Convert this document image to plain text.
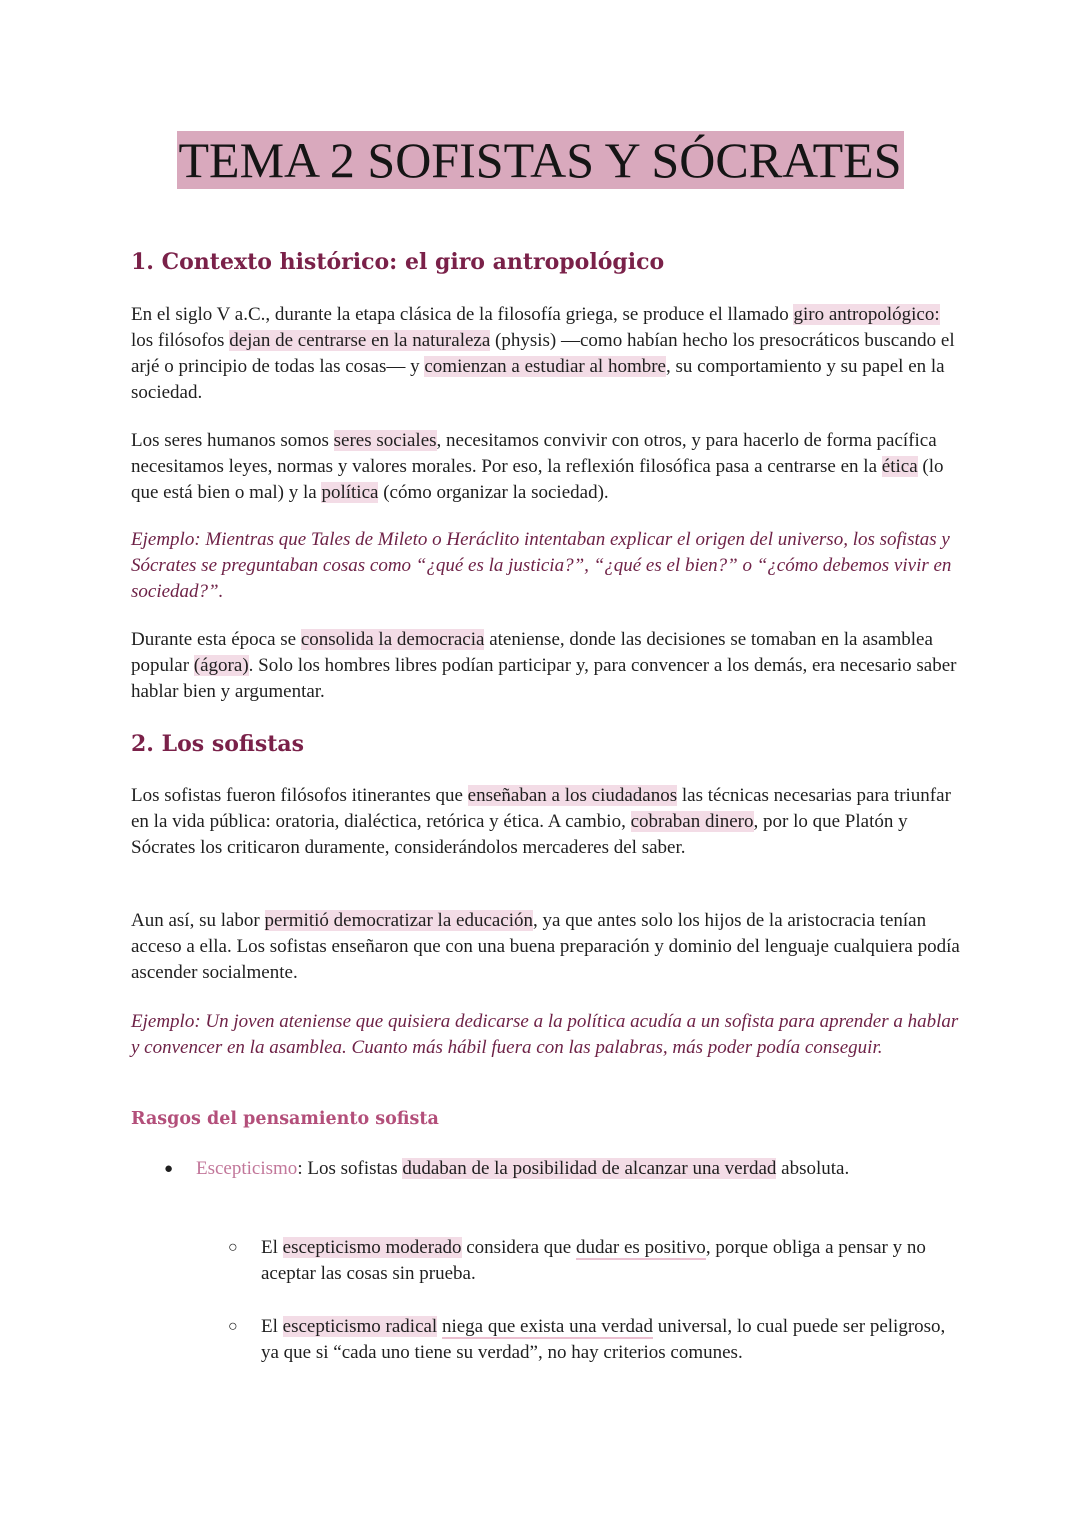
TEMA 2 SOFISTAS Y SÓCRATES
1. Contexto histórico: el giro antropológico

En el siglo V a.C., durante la etapa clásica de la filosofía griega, se produce el llamado giro antropológico: los filósofos dejan de centrarse en la naturaleza (physis) —como habían hecho los presocráticos buscando el arjé o principio de todas las cosas— y comienzan a estudiar al hombre, su comportamiento y su papel en la sociedad.

Los seres humanos somos seres sociales, necesitamos convivir con otros, y para hacerlo de forma pacífica necesitamos leyes, normas y valores morales. Por eso, la reflexión filosófica pasa a centrarse en la ética (lo que está bien o mal) y la política (cómo organizar la sociedad).

Ejemplo: Mientras que Tales de Mileto o Heráclito intentaban explicar el origen del universo, los sofistas y Sócrates se preguntaban cosas como “¿qué es la justicia?”, “¿qué es el bien?” o “¿cómo debemos vivir en sociedad?”.

Durante esta época se consolida la democracia ateniense, donde las decisiones se tomaban en la asamblea popular (ágora). Solo los hombres libres podían participar y, para convencer a los demás, era necesario saber hablar bien y argumentar.

2. Los sofistas

Los sofistas fueron filósofos itinerantes que enseñaban a los ciudadanos las técnicas necesarias para triunfar en la vida pública: oratoria, dialéctica, retórica y ética. A cambio, cobraban dinero, por lo que Platón y Sócrates los criticaron duramente, considerándolos mercaderes del saber.

Aun así, su labor permitió democratizar la educación, ya que antes solo los hijos de la aristocracia tenían acceso a ella. Los sofistas enseñaron que con una buena preparación y dominio del lenguaje cualquiera podía ascender socialmente.

Ejemplo: Un joven ateniense que quisiera dedicarse a la política acudía a un sofista para aprender a hablar y convencer en la asamblea. Cuanto más hábil fuera con las palabras, más poder podía conseguir.

Rasgos del pensamiento sofista
● Escepticismo: Los sofistas dudaban de la posibilidad de alcanzar una verdad absoluta.
○ El escepticismo moderado considera que dudar es positivo, porque obliga a pensar y no aceptar las cosas sin prueba.
○ El escepticismo radical niega que exista una verdad universal, lo cual puede ser peligroso, ya que si “cada uno tiene su verdad”, no hay criterios comunes.
